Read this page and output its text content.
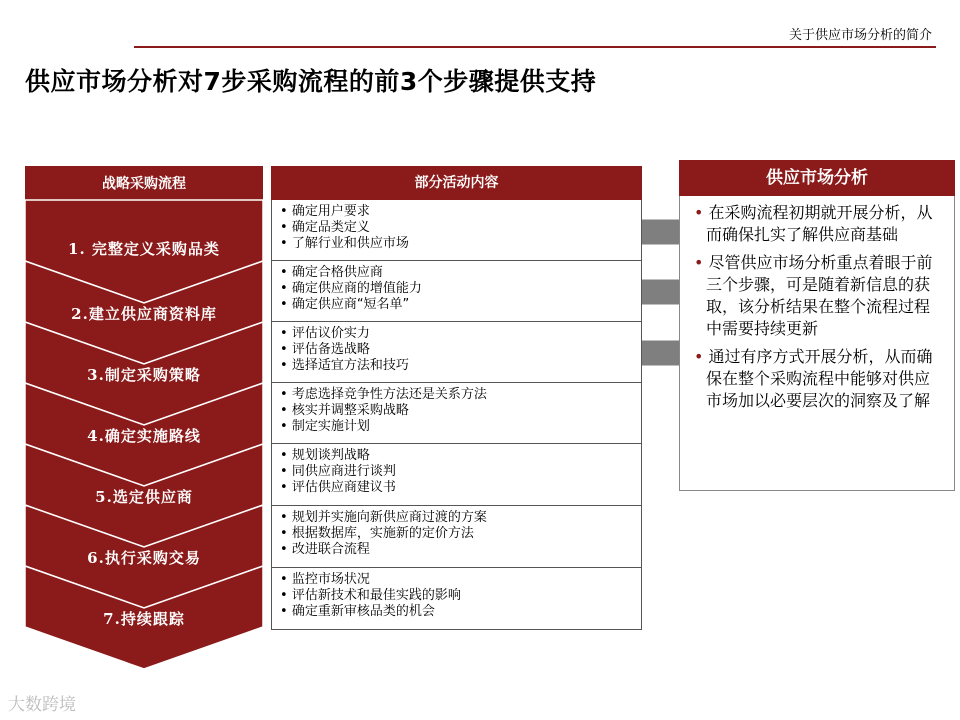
关于供应市场分析的简介
供应市场分析对7步采购流程的前3个步骤提供支持
战略采购流程
1. 完整定义采购品类
2.建立供应商资料库
3.制定采购策略
4.确定实施路线
5.选定供应商
6.执行采购交易
7.持续跟踪
部分活动内容
• 确定用户要求
• 确定品类定义
• 了解行业和供应市场
• 确定合格供应商
• 确定供应商的增值能力
• 确定供应商“短名单”
• 评估议价实力
• 评估备选战略
• 选择适宜方法和技巧
• 考虑选择竞争性方法还是关系方法
• 核实并调整采购战略
• 制定实施计划
• 规划谈判战略
• 同供应商进行谈判
• 评估供应商建议书
• 规划并实施向新供应商过渡的方案
• 根据数据库，实施新的定价方法
• 改进联合流程
• 监控市场状况
• 评估新技术和最佳实践的影响
• 确定重新审核品类的机会
供应市场分析
• 在采购流程初期就开展分析，从而确保扎实了解供应商基础
• 尽管供应市场分析重点着眼于前三个步骤，可是随着新信息的获取，该分析结果在整个流程过程中需要持续更新
• 通过有序方式开展分析，从而确保在整个采购流程中能够对供应市场加以必要层次的洞察及了解
大数跨境
